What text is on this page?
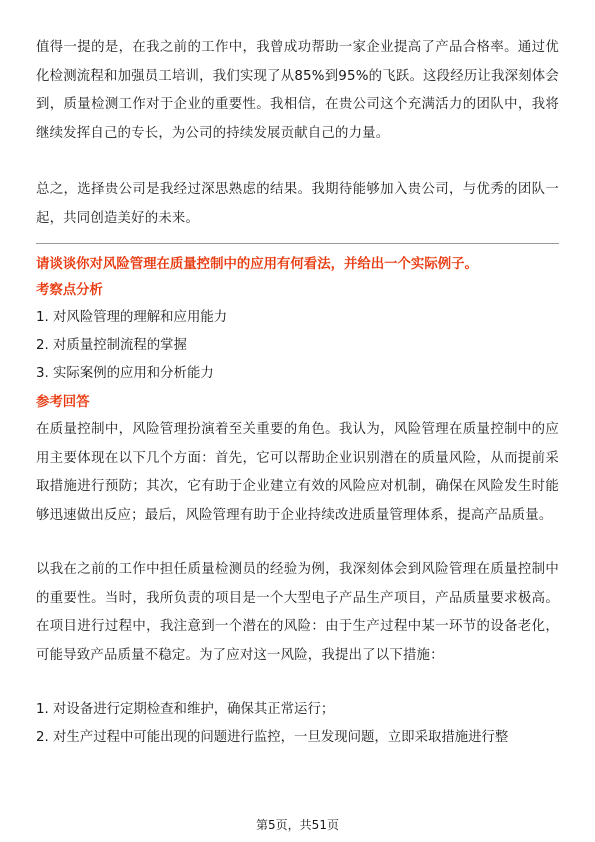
值得一提的是，在我之前的工作中，我曾成功帮助一家企业提高了产品合格率。通过优化检测流程和加强员工培训，我们实现了从85%到95%的飞跃。这段经历让我深刻体会到，质量检测工作对于企业的重要性。我相信，在贵公司这个充满活力的团队中，我将继续发挥自己的专长，为公司的持续发展贡献自己的力量。

总之，选择贵公司是我经过深思熟虑的结果。我期待能够加入贵公司，与优秀的团队一起，共同创造美好的未来。

请谈谈你对风险管理在质量控制中的应用有何看法，并给出一个实际例子。

考察点分析

1. 对风险管理的理解和应用能力

2. 对质量控制流程的掌握

3. 实际案例的应用和分析能力

参考回答

在质量控制中，风险管理扮演着至关重要的角色。我认为，风险管理在质量控制中的应用主要体现在以下几个方面：首先，它可以帮助企业识别潜在的质量风险，从而提前采取措施进行预防；其次，它有助于企业建立有效的风险应对机制，确保在风险发生时能够迅速做出反应；最后，风险管理有助于企业持续改进质量管理体系，提高产品质量。

以我在之前的工作中担任质量检测员的经验为例，我深刻体会到风险管理在质量控制中的重要性。当时，我所负责的项目是一个大型电子产品生产项目，产品质量要求极高。在项目进行过程中，我注意到一个潜在的风险：由于生产过程中某一环节的设备老化，可能导致产品质量不稳定。为了应对这一风险，我提出了以下措施：

1. 对设备进行定期检查和维护，确保其正常运行；

2. 对生产过程中可能出现的问题进行监控，一旦发现问题，立即采取措施进行整

第5页，共51页
